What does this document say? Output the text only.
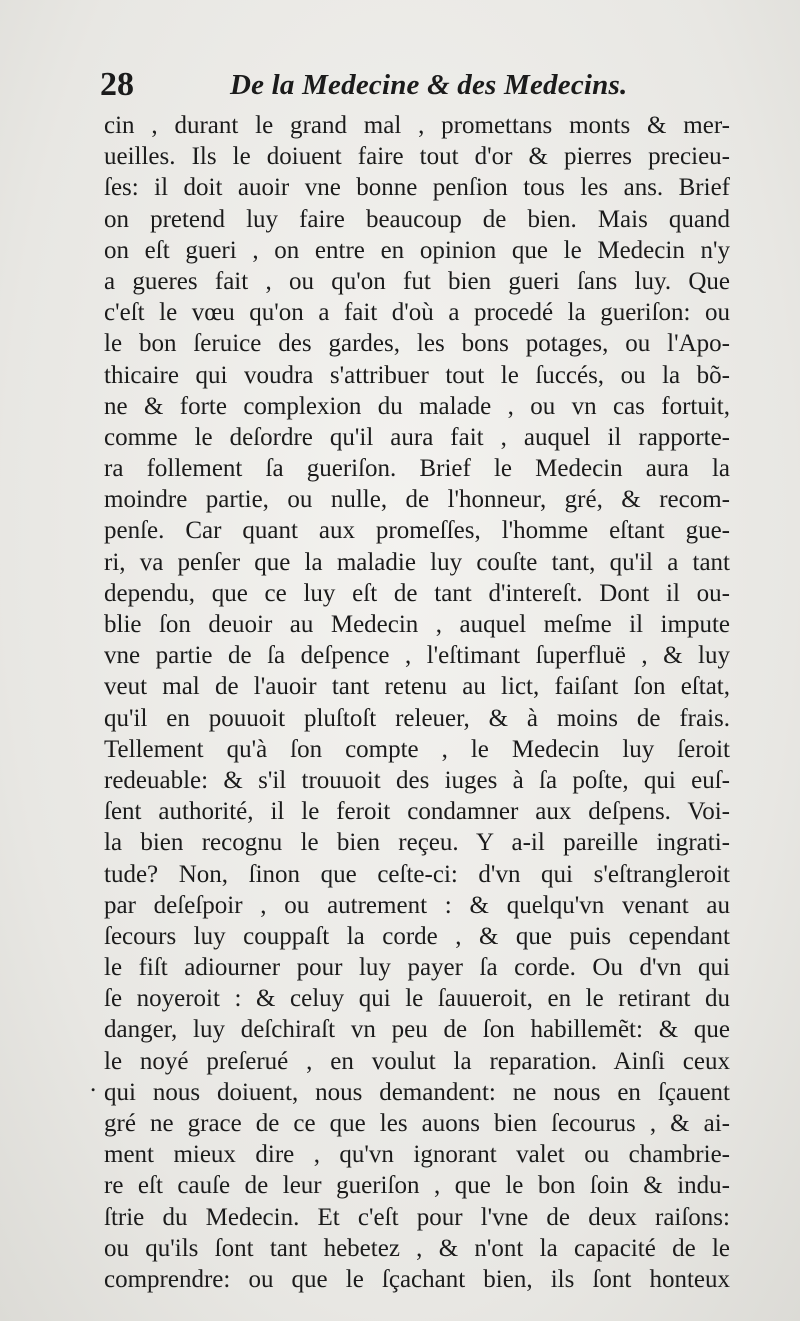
28	De la Medecine & des Medecins.
.
cin , durant le grand mal , promettans monts & mer-
ueilles. Ils le doiuent faire tout d'or & pierres precieu-
ſes: il doit auoir vne bonne penſion tous les ans. Brief
on pretend luy faire beaucoup de bien. Mais quand
on eſt gueri , on entre en opinion que le Medecin n'y
a gueres fait , ou qu'on fut bien gueri ſans luy. Que
c'eſt le vœu qu'on a fait d'où a procedé la gueriſon: ou
le bon ſeruice des gardes, les bons potages, ou l'Apo-
thicaire qui voudra s'attribuer tout le ſuccés, ou la bõ-
ne & forte complexion du malade , ou vn cas fortuit,
comme le deſordre qu'il aura fait , auquel il rapporte-
ra follement ſa gueriſon. Brief le Medecin aura la
moindre partie, ou nulle, de l'honneur, gré, & recom-
penſe. Car quant aux promeſſes, l'homme eſtant gue-
ri, va penſer que la maladie luy couſte tant, qu'il a tant
dependu, que ce luy eſt de tant d'intereſt. Dont il ou-
blie ſon deuoir au Medecin , auquel meſme il impute
vne partie de ſa deſpence , l'eſtimant ſuperfluë , & luy
veut mal de l'auoir tant retenu au lict, faiſant ſon eſtat,
qu'il en pouuoit pluſtoſt releuer, & à moins de frais.
Tellement qu'à ſon compte , le Medecin luy ſeroit
redeuable: & s'il trouuoit des iuges à ſa poſte, qui euſ-
ſent authorité, il le feroit condamner aux deſpens. Voi-
la bien recognu le bien reçeu. Y a-il pareille ingrati-
tude? Non, ſinon que ceſte-ci: d'vn qui s'eſtrangleroit
par deſeſpoir , ou autrement : & quelqu'vn venant au
ſecours luy couppaſt la corde , & que puis cependant
le fiſt adiourner pour luy payer ſa corde. Ou d'vn qui
ſe noyeroit : & celuy qui le ſauueroit, en le retirant du
danger, luy deſchiraſt vn peu de ſon habillemẽt: & que
le noyé preſerué , en voulut la reparation. Ainſi ceux
qui nous doiuent, nous demandent: ne nous en ſçauent
gré ne grace de ce que les auons bien ſecourus , & ai-
ment mieux dire , qu'vn ignorant valet ou chambrie-
re eſt cauſe de leur gueriſon , que le bon ſoin & indu-
ſtrie du Medecin. Et c'eſt pour l'vne de deux raiſons:
ou qu'ils ſont tant hebetez , & n'ont la capacité de le
comprendre: ou que le ſçachant bien, ils ſont honteux
